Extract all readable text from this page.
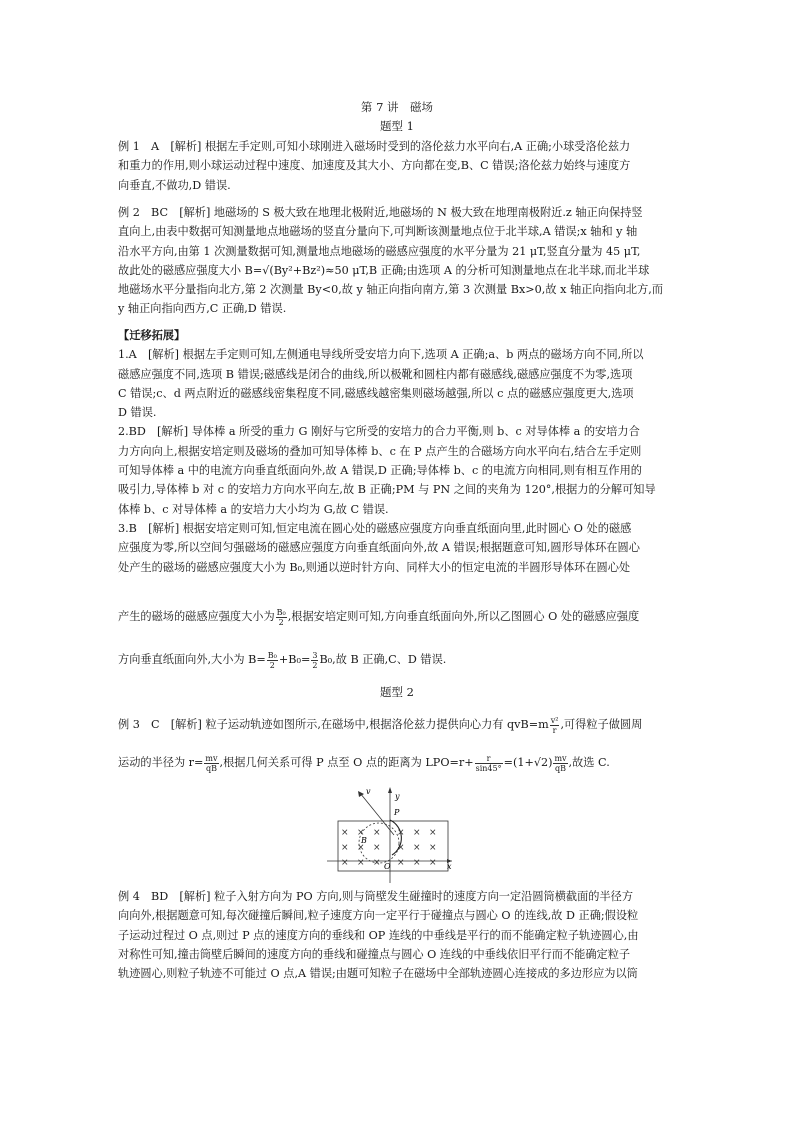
第 7 讲　磁场
题型 1
例 1　A　[解析] 根据左手定则,可知小球刚进入磁场时受到的洛伦兹力水平向右,A 正确;小球受洛伦兹力
和重力的作用,则小球运动过程中速度、加速度及其大小、方向都在变,B、C 错误;洛伦兹力始终与速度方
向垂直,不做功,D 错误.
例 2　BC　[解析] 地磁场的 S 极大致在地理北极附近,地磁场的 N 极大致在地理南极附近.z 轴正向保持竖
直向上,由表中数据可知测量地点地磁场的竖直分量向下,可判断该测量地点位于北半球,A 错误;x 轴和 y 轴
沿水平方向,由第 1 次测量数据可知,测量地点地磁场的磁感应强度的水平分量为 21 μT,竖直分量为 45 μT,
故此处的磁感应强度大小 B=√(By²+Bz²)≈50 μT,B 正确;由选项 A 的分析可知测量地点在北半球,而北半球
地磁场水平分量指向北方,第 2 次测量 By<0,故 y 轴正向指向南方,第 3 次测量 Bx>0,故 x 轴正向指向北方,而
y 轴正向指向西方,C 正确,D 错误.
【迁移拓展】
1.A　[解析] 根据左手定则可知,左侧通电导线所受安培力向下,选项 A 正确;a、b 两点的磁场方向不同,所以
磁感应强度不同,选项 B 错误;磁感线是闭合的曲线,所以极靴和圆柱内都有磁感线,磁感应强度不为零,选项
C 错误;c、d 两点附近的磁感线密集程度不同,磁感线越密集则磁场越强,所以 c 点的磁感应强度更大,选项
D 错误.
2.BD　[解析] 导体棒 a 所受的重力 G 刚好与它所受的安培力的合力平衡,则 b、c 对导体棒 a 的安培力合
力方向向上,根据安培定则及磁场的叠加可知导体棒 b、c 在 P 点产生的合磁场方向水平向右,结合左手定则
可知导体棒 a 中的电流方向垂直纸面向外,故 A 错误,D 正确;导体棒 b、c 的电流方向相同,则有相互作用的
吸引力,导体棒 b 对 c 的安培力方向水平向左,故 B 正确;PM 与 PN 之间的夹角为 120°,根据力的分解可知导
体棒 b、c 对导体棒 a 的安培力大小均为 G,故 C 错误.
3.B　[解析] 根据安培定则可知,恒定电流在圆心处的磁感应强度方向垂直纸面向里,此时圆心 O 处的磁感
应强度为零,所以空间匀强磁场的磁感应强度方向垂直纸面向外,故 A 错误;根据题意可知,圆形导体环在圆心
处产生的磁场的磁感应强度大小为 B₀,则通以逆时针方向、同样大小的恒定电流的半圆形导体环在圆心处
产生的磁场的磁感应强度大小为 $\frac{\text{B₀}}{2}$ ,根据安培定则可知,方向垂直纸面向外,所以乙图圆心 O 处的磁感应强度
方向垂直纸面向外,大小为 $B= \frac{\text{B₀}}{2} +B_0= \frac{3}{2} B_0$,故 B 正确,C、D 错误.
题型 2
例 3　C　[解析] 粒子运动轨迹如图所示,在磁场中,根据洛伦兹力提供向心力有 $qvB=m \frac{\text{v²}}{r}$ ,可得粒子做圆周
运动的半径为 $r= \frac{mv}{qB}$ ,根据几何关系可得 P 点至 O 点的距离为 $LPO=r+ \frac{r}{\sin 45^\circ} =(1+√2) \frac{mv}{qB}$ ,故选 C.
y
v
P
B
O	x
× × × × × ×
× × × × × ×
× × × × × ×
例 4　BD　[解析] 粒子入射方向为 PO 方向,则与筒壁发生碰撞时的速度方向一定沿圆筒横截面的半径方
向向外,根据题意可知,每次碰撞后瞬间,粒子速度方向一定平行于碰撞点与圆心 O 的连线,故 D 正确;假设粒
子运动过程过 O 点,则过 P 点的速度方向的垂线和 OP 连线的中垂线是平行的而不能确定粒子轨迹圆心,由
对称性可知,撞击筒壁后瞬间的速度方向的垂线和碰撞点与圆心 O 连线的中垂线依旧平行而不能确定粒子
轨迹圆心,则粒子轨迹不可能过 O 点,A 错误;由题可知粒子在磁场中全部轨迹圆心连接成的多边形应为以筒
